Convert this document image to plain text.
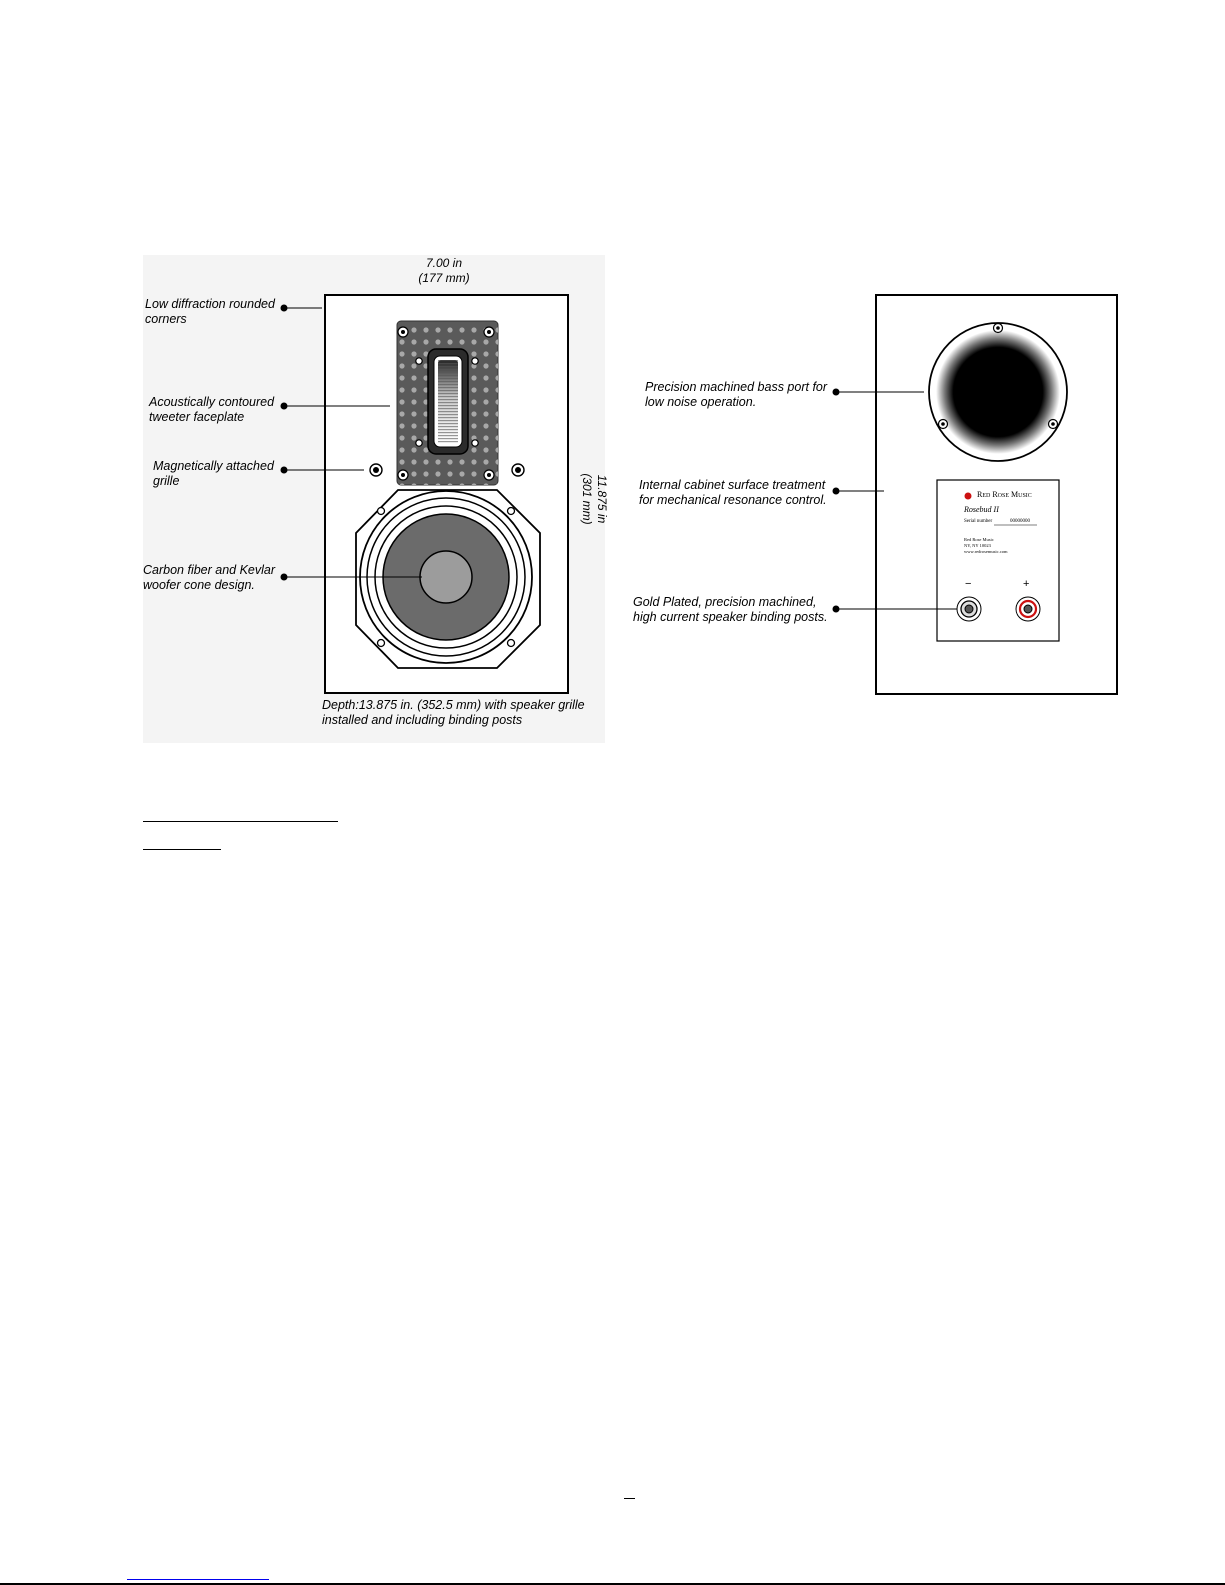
7.00 in
(177 mm)
11.875 in
(301 mm)
Low diffraction rounded
corners
Acoustically contoured
tweeter faceplate
Magnetically attached
grille
Carbon fiber and Kevlar
woofer cone design.
Depth:13.875 in. (352.5 mm) with speaker grille
installed and including binding posts
Precision machined bass port for
low noise operation.
Internal cabinet surface treatment
for mechanical resonance control.
Gold Plated, precision machined,
high current speaker binding posts.
Red Rose Music
Rosebud II
Serial number	00000000
Red Rose Music
NY, NY 10023
www.redrosemusic.com
−	+
